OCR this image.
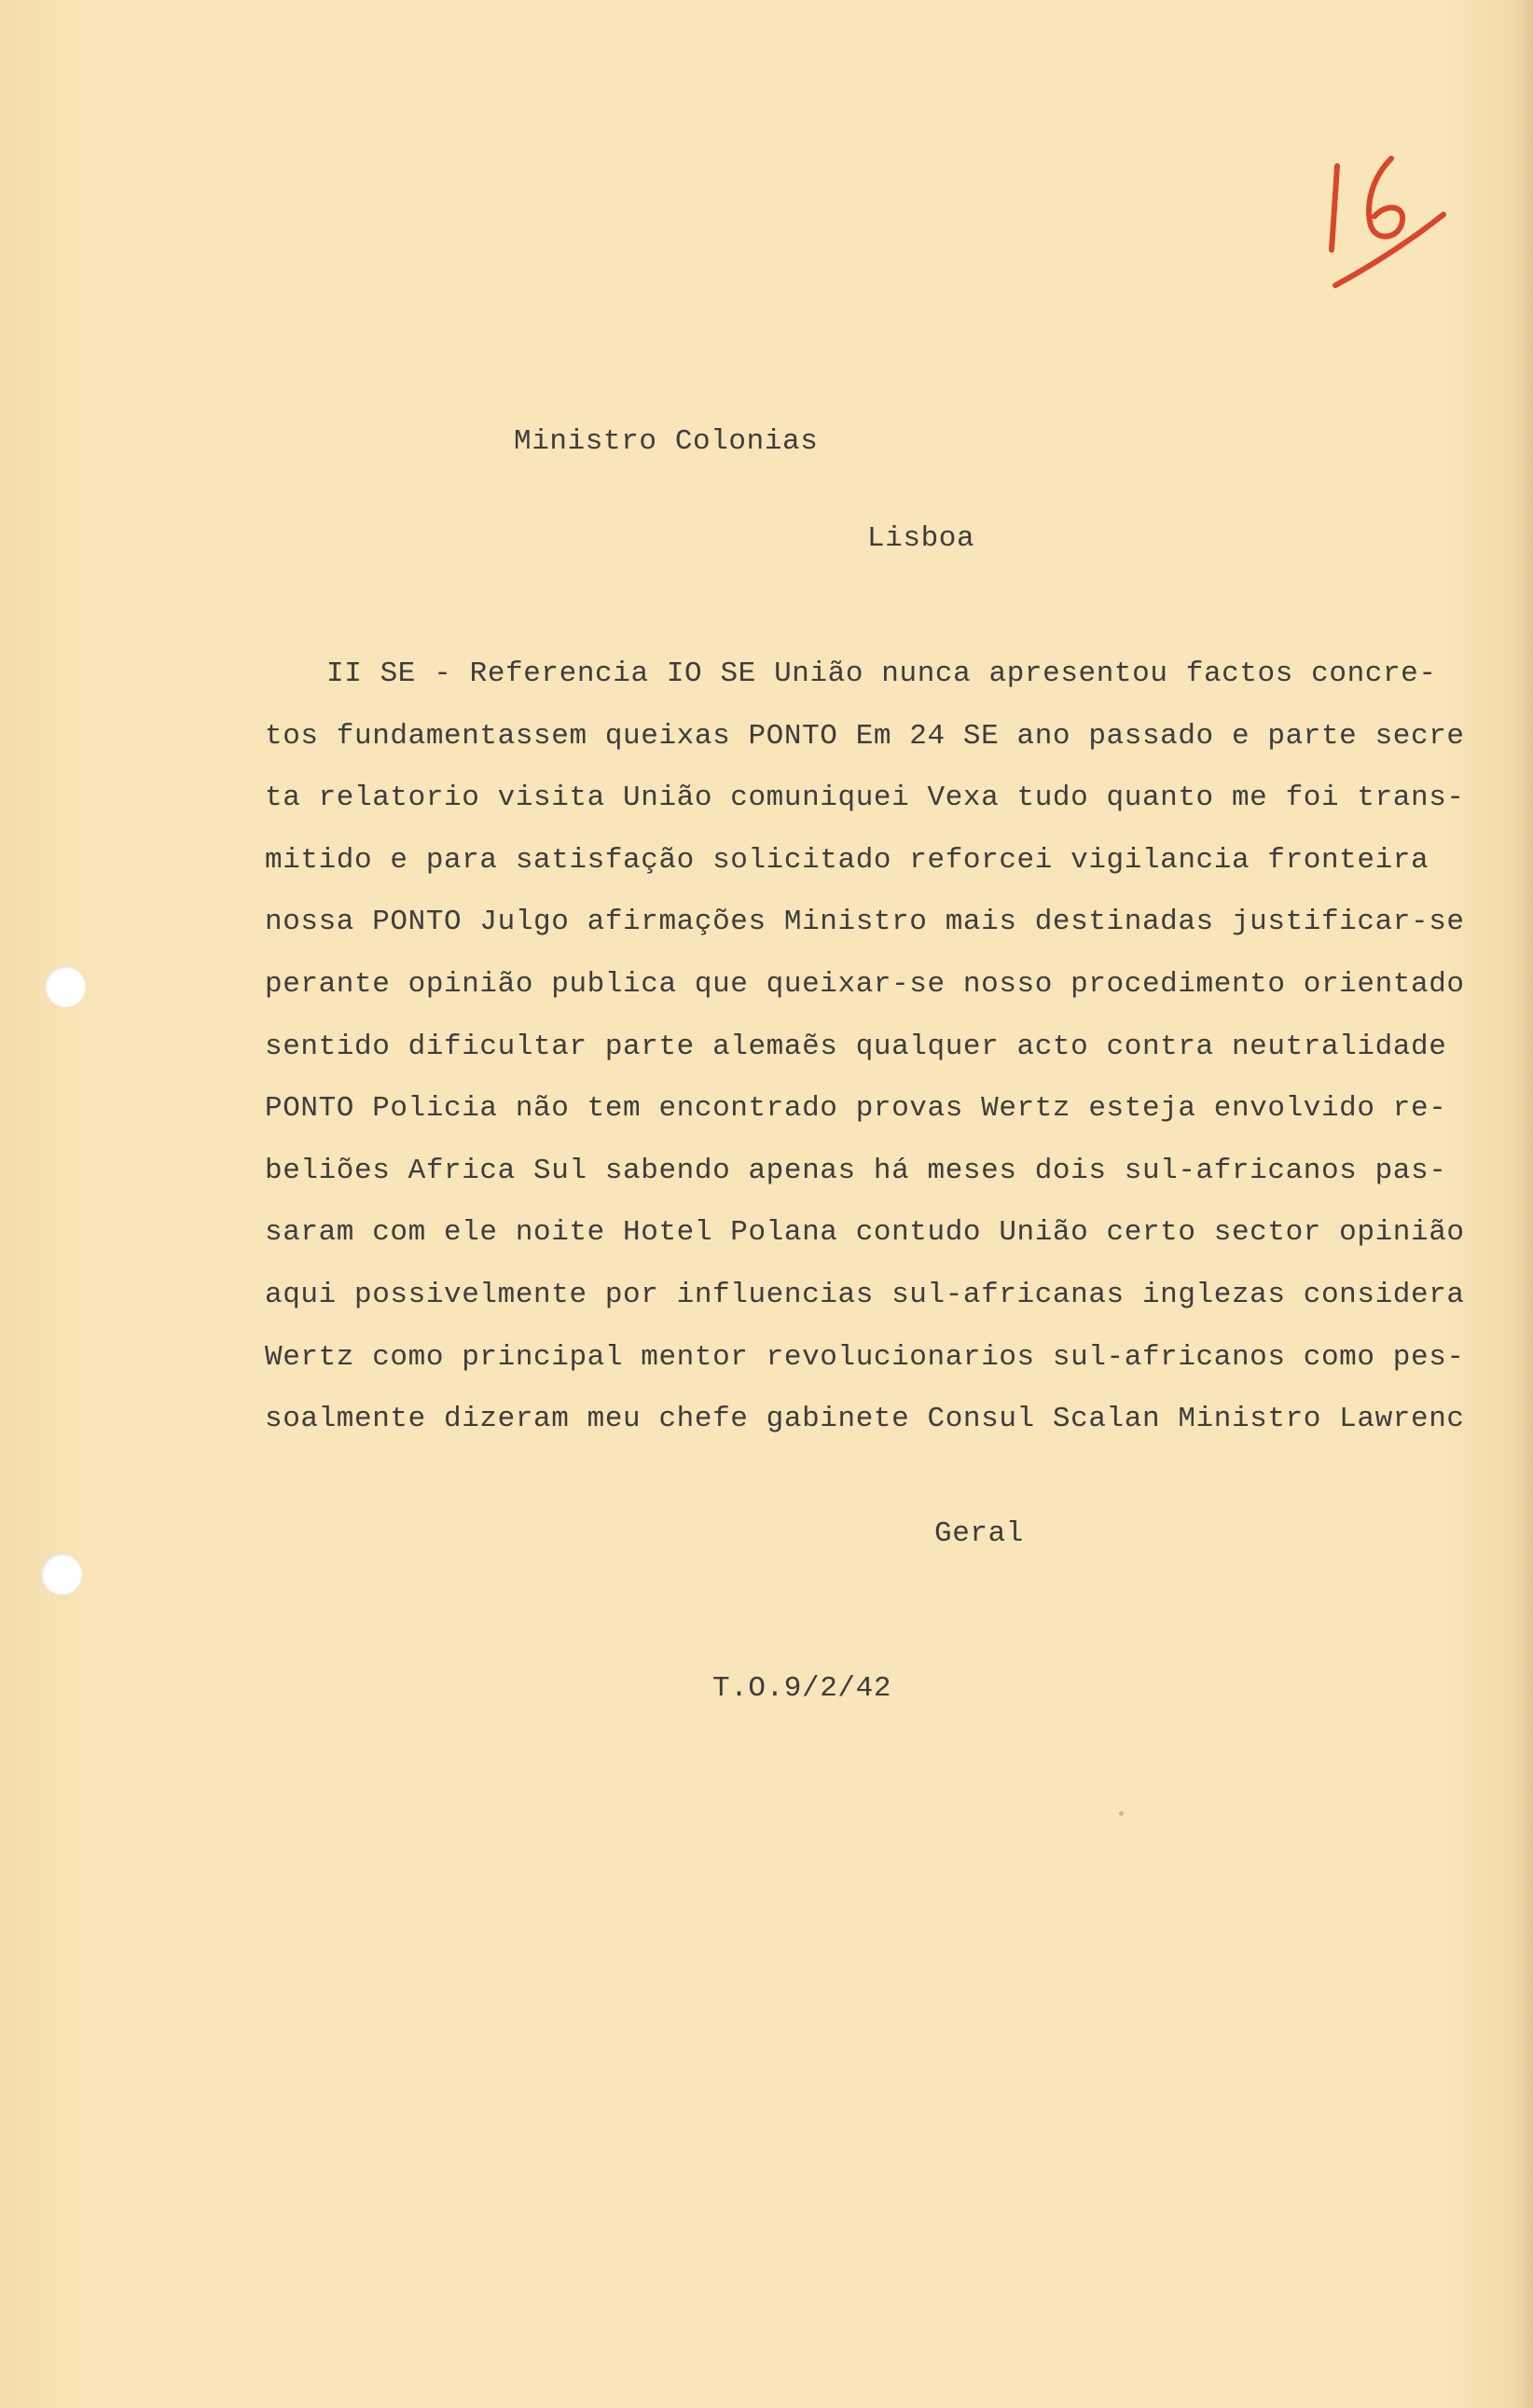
Ministro Colonias
Lisboa
II SE - Referencia IO SE União nunca apresentou factos concre-
tos fundamentassem queixas PONTO Em 24 SE ano passado e parte secre
ta relatorio visita União comuniquei Vexa tudo quanto me foi trans-
mitido e para satisfação solicitado reforcei vigilancia fronteira
nossa PONTO Julgo afirmações Ministro mais destinadas justificar-se
perante opinião publica que queixar-se nosso procedimento orientado
sentido dificultar parte alemaẽs qualquer acto contra neutralidade
PONTO Policia não tem encontrado provas Wertz esteja envolvido re-
beliões Africa Sul sabendo apenas há meses dois sul-africanos pas-
saram com ele noite Hotel Polana contudo União certo sector opinião
aqui possivelmente por influencias sul-africanas inglezas considera
Wertz como principal mentor revolucionarios sul-africanos como pes-
soalmente dizeram meu chefe gabinete Consul Scalan Ministro Lawrenc
Geral
T.O.9/2/42
